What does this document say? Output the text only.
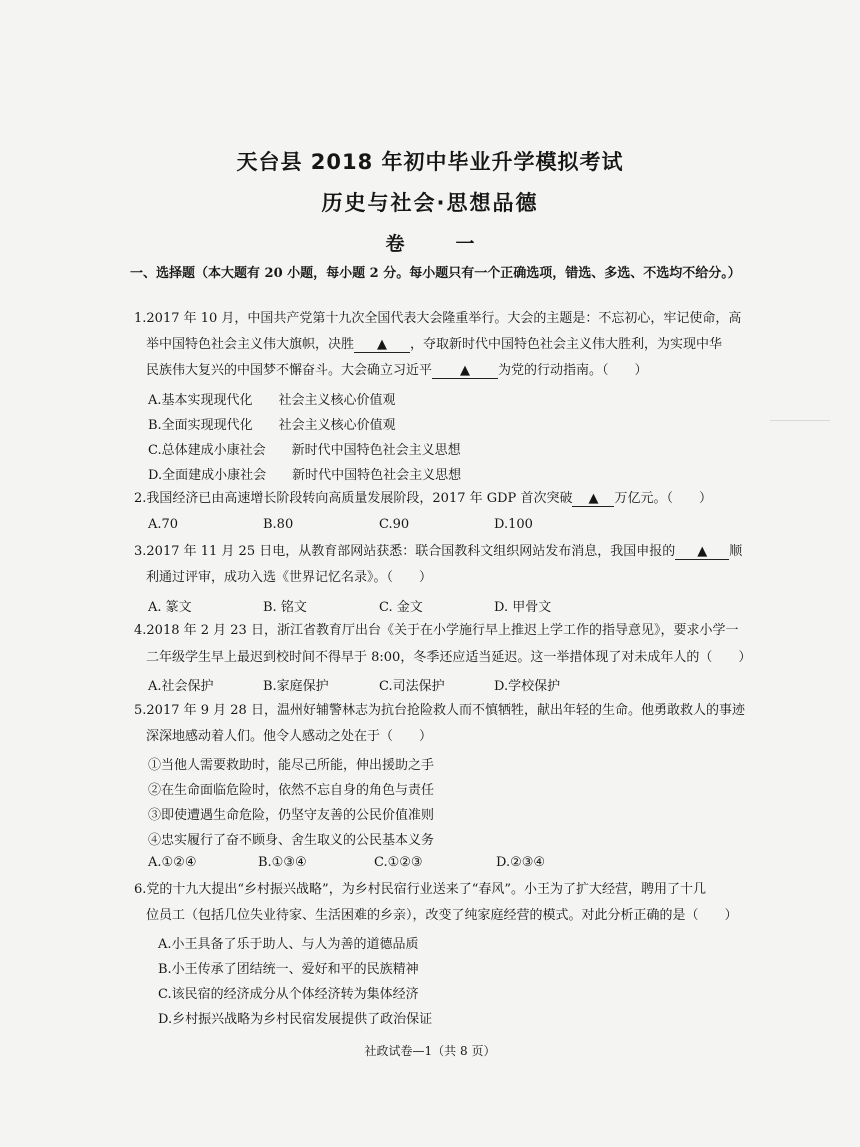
天台县 2018 年初中毕业升学模拟考试
历史与社会·思想品德
卷　一
一、选择题（本大题有 20 小题，每小题 2 分。每小题只有一个正确选项，错选、多选、不选均不给分。）
1.2017 年 10 月，中国共产党第十九次全国代表大会隆重举行。大会的主题是：不忘初心，牢记使命，高
举中国特色社会主义伟大旗帜，决胜 ▲ ，夺取新时代中国特色社会主义伟大胜利，为实现中华
民族伟大复兴的中国梦不懈奋斗。大会确立习近平 ▲ 为党的行动指南。（　　）
A.基本实现现代化　　社会主义核心价值观
B.全面实现现代化　　社会主义核心价值观
C.总体建成小康社会　　新时代中国特色社会主义思想
D.全面建成小康社会　　新时代中国特色社会主义思想
2.我国经济已由高速增长阶段转向高质量发展阶段，2017 年 GDP 首次突破 ▲ 万亿元。（　　）
A.70	B.80	C.90	D.100
3.2017 年 11 月 25 日电，从教育部网站获悉：联合国教科文组织网站发布消息，我国申报的 ▲ 顺
利通过评审，成功入选《世界记忆名录》。（　　）
A. 篆文	B. 铭文	C. 金文	D. 甲骨文
4.2018 年 2 月 23 日，浙江省教育厅出台《关于在小学施行早上推迟上学工作的指导意见》，要求小学一
二年级学生早上最迟到校时间不得早于 8:00，冬季还应适当延迟。这一举措体现了对未成年人的（　　）
A.社会保护	B.家庭保护	C.司法保护	D.学校保护
5.2017 年 9 月 28 日，温州好辅警林志为抗台抢险救人而不慎牺牲，献出年轻的生命。他勇敢救人的事迹
深深地感动着人们。他令人感动之处在于（　　）
①当他人需要救助时，能尽己所能，伸出援助之手
②在生命面临危险时，依然不忘自身的角色与责任
③即使遭遇生命危险，仍坚守友善的公民价值准则
④忠实履行了奋不顾身、舍生取义的公民基本义务
A.①②④	B.①③④	C.①②③	D.②③④
6.党的十九大提出“乡村振兴战略”，为乡村民宿行业送来了“春风”。小王为了扩大经营，聘用了十几
位员工（包括几位失业待家、生活困难的乡亲），改变了纯家庭经营的模式。对此分析正确的是（　　）
A.小王具备了乐于助人、与人为善的道德品质
B.小王传承了团结统一、爱好和平的民族精神
C.该民宿的经济成分从个体经济转为集体经济
D.乡村振兴战略为乡村民宿发展提供了政治保证
社政试卷—1（共 8 页）
